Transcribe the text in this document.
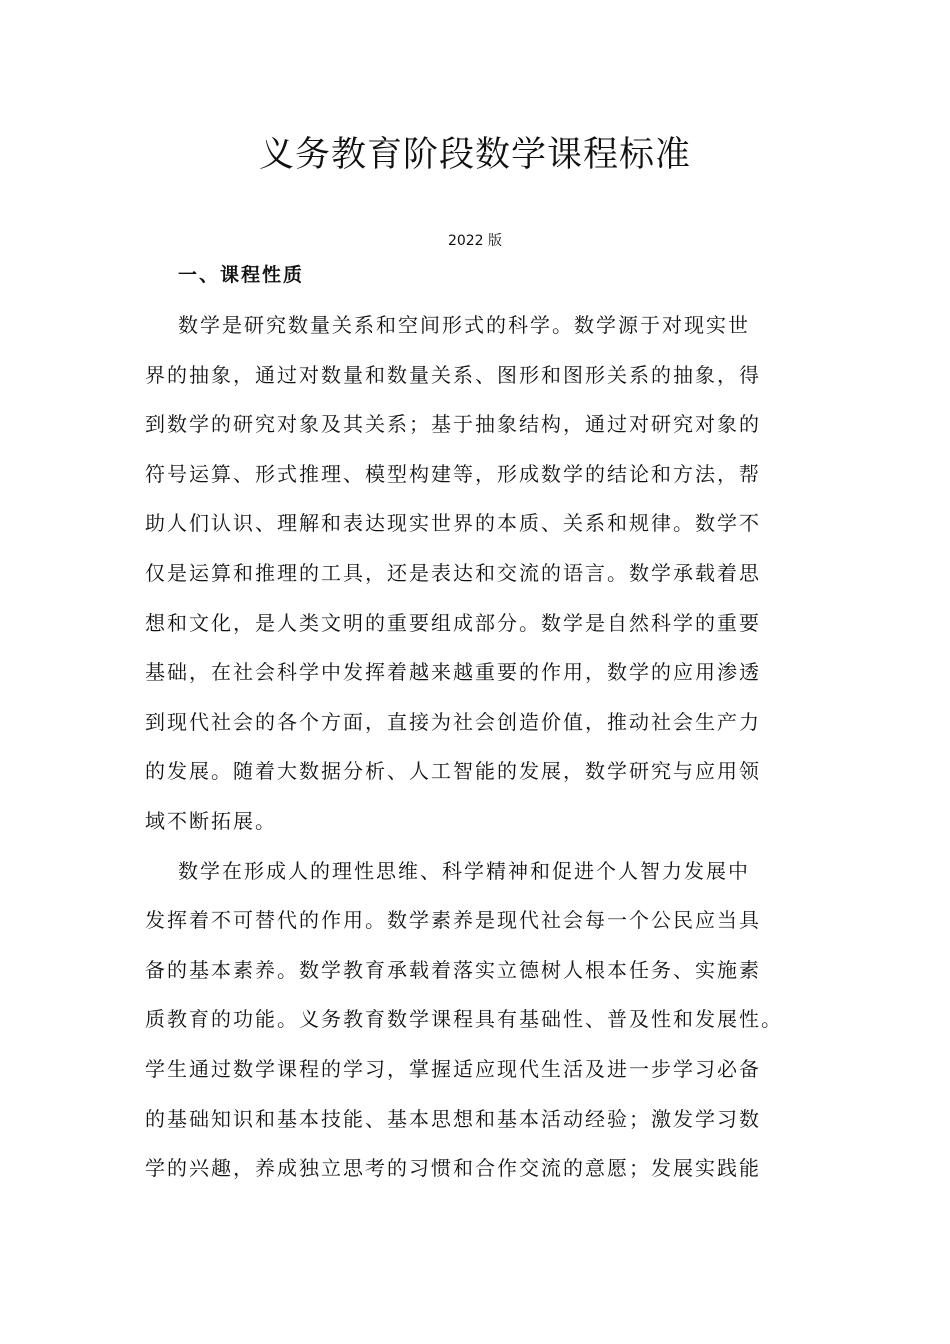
义务教育阶段数学课程标准
2022 版
一、课程性质
数学是研究数量关系和空间形式的科学。数学源于对现实世
界的抽象，通过对数量和数量关系、图形和图形关系的抽象，得
到数学的研究对象及其关系；基于抽象结构，通过对研究对象的
符号运算、形式推理、模型构建等，形成数学的结论和方法，帮
助人们认识、理解和表达现实世界的本质、关系和规律。数学不
仅是运算和推理的工具，还是表达和交流的语言。数学承载着思
想和文化，是人类文明的重要组成部分。数学是自然科学的重要
基础，在社会科学中发挥着越来越重要的作用，数学的应用渗透
到现代社会的各个方面，直接为社会创造价值，推动社会生产力
的发展。随着大数据分析、人工智能的发展，数学研究与应用领
域不断拓展。
数学在形成人的理性思维、科学精神和促进个人智力发展中
发挥着不可替代的作用。数学素养是现代社会每一个公民应当具
备的基本素养。数学教育承载着落实立德树人根本任务、实施素
质教育的功能。义务教育数学课程具有基础性、普及性和发展性。
学生通过数学课程的学习，掌握适应现代生活及进一步学习必备
的基础知识和基本技能、基本思想和基本活动经验；激发学习数
学的兴趣，养成独立思考的习惯和合作交流的意愿；发展实践能
